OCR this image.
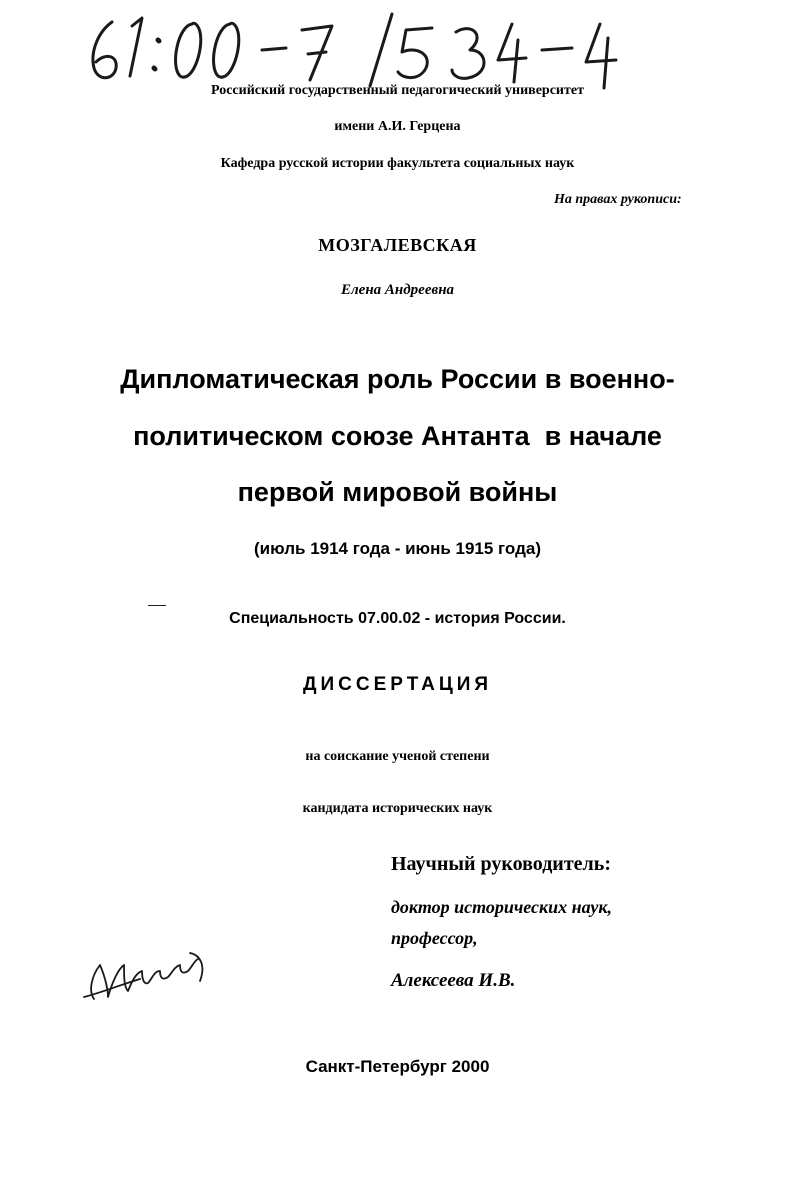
Российский государственный педагогический университет
имени А.И. Герцена
Кафедра русской истории факультета социальных наук
На правах рукописи:
МОЗГАЛЕВСКАЯ
Елена Андреевна
Дипломатическая роль России в военно-
политическом союзе Антанта  в начале
первой мировой войны
(июль 1914 года - июнь 1915 года)
Специальность 07.00.02 - история России.
ДИССЕРТАЦИЯ
на соискание ученой степени
кандидата исторических наук
Научный руководитель:
доктор исторических наук,
профессор,
Алексеева И.В.
Санкт-Петербург 2000
